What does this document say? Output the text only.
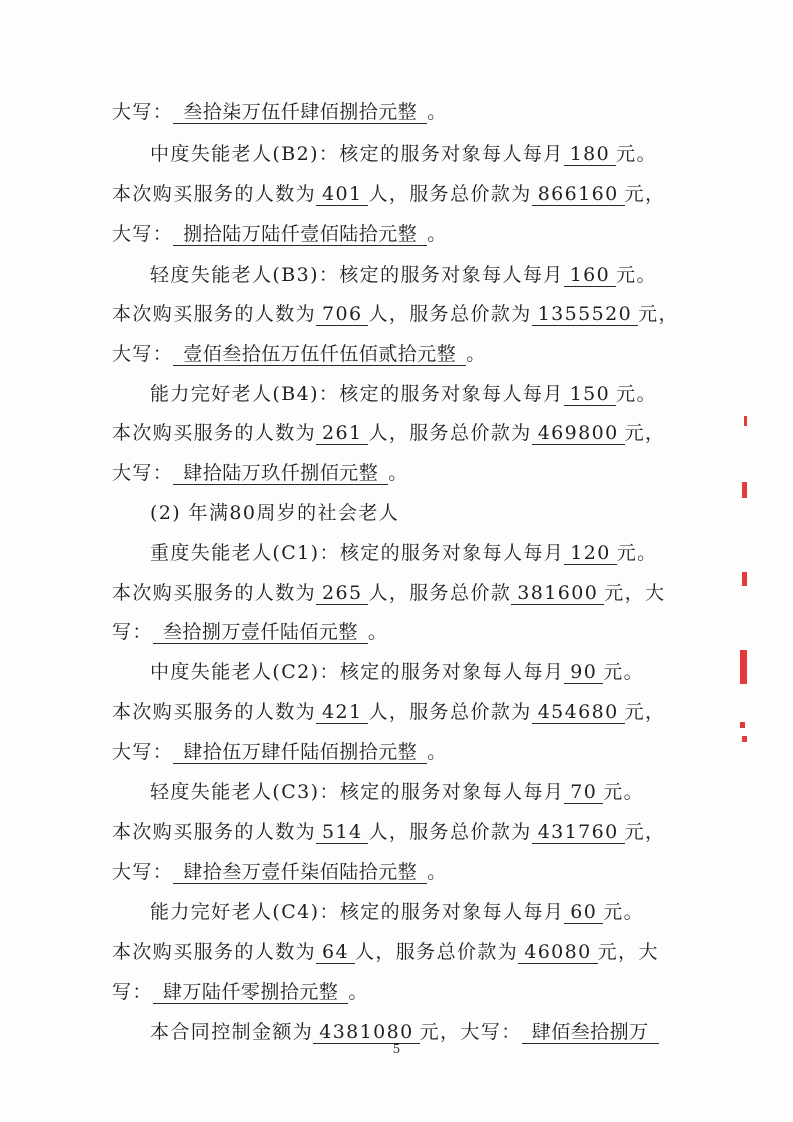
大写： 叁拾柒万伍仟肆佰捌拾元整 。
中度失能老人(B2)：核定的服务对象每人每月 180 元。
本次购买服务的人数为 401 人，服务总价款为 866160 元，
大写： 捌拾陆万陆仟壹佰陆拾元整 。
轻度失能老人(B3)：核定的服务对象每人每月 160 元。
本次购买服务的人数为 706 人，服务总价款为 1355520 元，
大写： 壹佰叁拾伍万伍仟伍佰贰拾元整 。
能力完好老人(B4)：核定的服务对象每人每月 150 元。
本次购买服务的人数为 261 人，服务总价款为 469800 元，
大写： 肆拾陆万玖仟捌佰元整 。
(2) 年满80周岁的社会老人
重度失能老人(C1)：核定的服务对象每人每月 120 元。
本次购买服务的人数为 265 人，服务总价款 381600 元，大
写： 叁拾捌万壹仟陆佰元整 。
中度失能老人(C2)：核定的服务对象每人每月 90 元。
本次购买服务的人数为 421 人，服务总价款为 454680 元，
大写： 肆拾伍万肆仟陆佰捌拾元整 。
轻度失能老人(C3)：核定的服务对象每人每月 70 元。
本次购买服务的人数为 514 人，服务总价款为 431760 元，
大写： 肆拾叁万壹仟柒佰陆拾元整 。
能力完好老人(C4)：核定的服务对象每人每月 60 元。
本次购买服务的人数为 64 人，服务总价款为 46080 元，大
写： 肆万陆仟零捌拾元整 。
本合同控制金额为 4381080 元，大写： 肆佰叁拾捌万
5
